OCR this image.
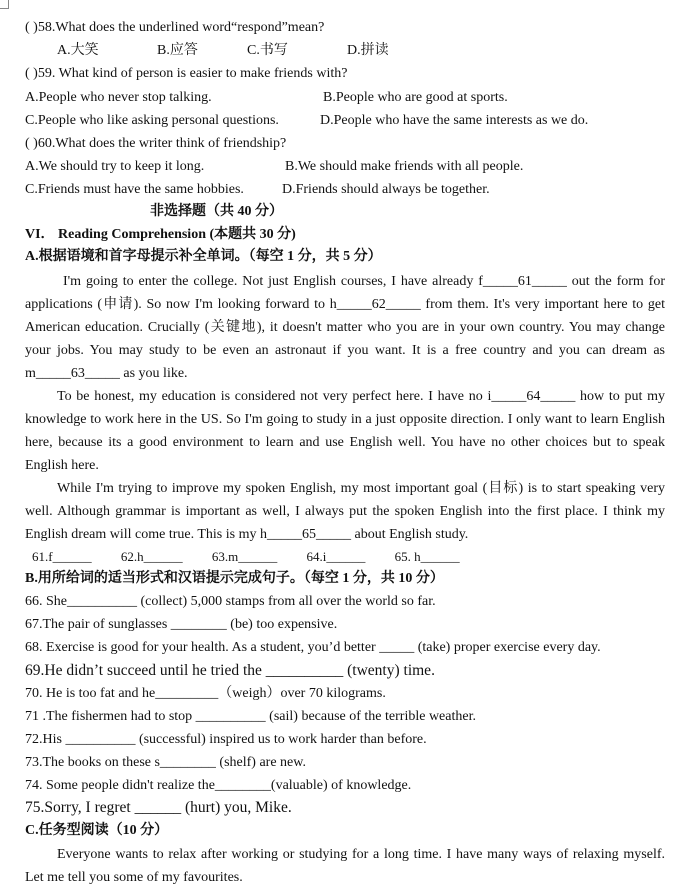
( )58.What does the underlined word“respond”mean?
A.大笑	B.应答	C.书写	D.拼读
( )59. What kind of person is easier to make friends with?
A.People who never stop talking.	B.People who are good at sports.
C.People who like asking personal questions.	D.People who have the same interests as we do.
( )60.What does the writer think of friendship?
A.We should try to keep it long.	B.We should make friends with all people.
C.Friends must have the same hobbies.	D.Friends should always be together.
非选择题（共 40 分）
VI． Reading Comprehension (本题共 30 分)
A.根据语境和首字母提示补全单词。（每空 1 分，共 5 分）
I'm going to enter the college. Not just English courses, I have already f_____61_____ out the form for applications (申请). So now I'm looking forward to h_____62_____ from them. It's very important here to get American education. Crucially (关键地), it doesn't matter who you are in your own country. You may change your jobs. You may study to be even an astronaut if you want. It is a free country and you can dream as m_____63_____ as you like.
To be honest, my education is considered not very perfect here. I have no i_____64_____ how to put my knowledge to work here in the US. So I'm going to study in a just opposite direction. I only want to learn English here, because its a good environment to learn and use English well. You have no other choices but to speak English here.
While I'm trying to improve my spoken English, my most important goal (目标) is to start speaking very well. Although grammar is important as well, I always put the spoken English into the first place. I think my English dream will come true. This is my h_____65_____ about English study.
61.f______ 62.h______ 63.m______ 64.i______ 65. h______
B.用所给词的适当形式和汉语提示完成句子。（每空 1 分，共 10 分）
66. She__________ (collect) 5,000 stamps from all over the world so far.
67.The pair of sunglasses ________ (be) too expensive.
68. Exercise is good for your health. As a student, you’d better _____ (take) proper exercise every day.
69.He didn’t succeed until he tried the __________ (twenty) time.
70. He is too fat and he_________（weigh）over 70 kilograms.
71 .The fishermen had to stop __________ (sail) because of the terrible weather.
72.His __________ (successful) inspired us to work harder than before.
73.The books on these s________ (shelf) are new.
74. Some people didn't realize the________(valuable) of knowledge.
75.Sorry, I regret ______ (hurt) you, Mike.
C.任务型阅读（10 分）
Everyone wants to relax after working or studying for a long time. I have many ways of relaxing myself. Let me tell you some of my favourites.
